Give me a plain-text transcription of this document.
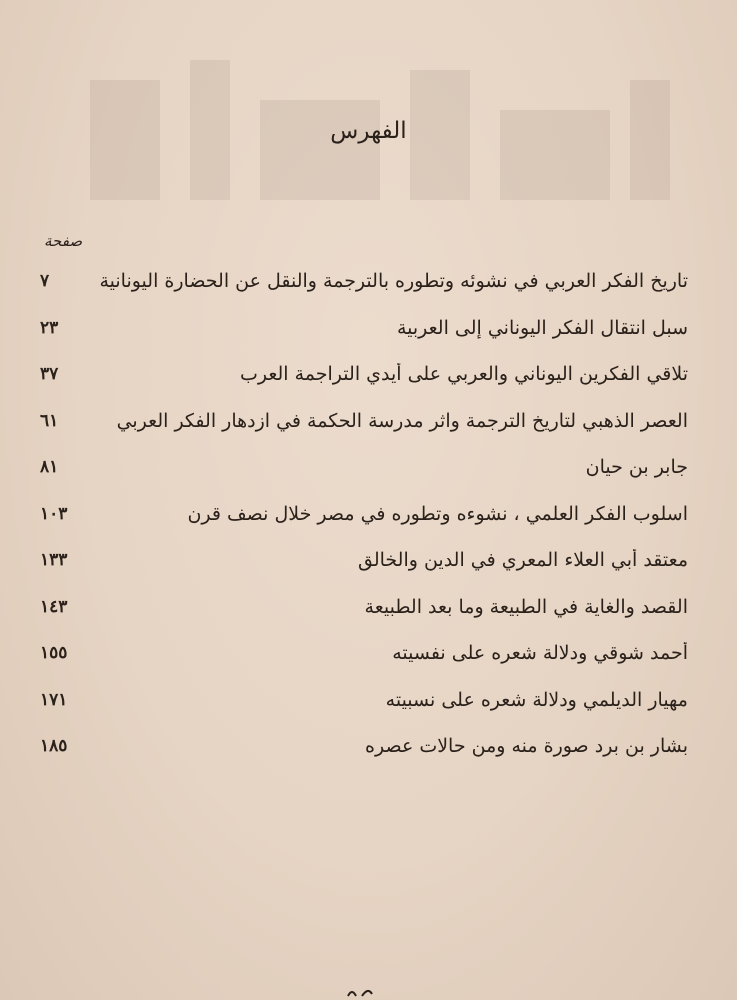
الفهرس
صفحة
تاريخ الفكر العربي في نشوئه وتطوره بالترجمة والنقل عن الحضارة اليونانية
٧
سبل انتقال الفكر اليوناني إلى العربية
٢٣
تلاقي الفكرين اليوناني والعربي على أيدي التراجمة العرب
٣٧
العصر الذهبي لتاريخ الترجمة واثر مدرسة الحكمة في ازدهار الفكر العربي
٦١
جابر بن حيان
٨١
اسلوب الفكر العلمي ، نشوءه وتطوره في مصر خلال نصف قرن
١٠٣
معتقد أبي العلاء المعري في الدين والخالق
١٣٣
القصد والغاية في الطبيعة وما بعد الطبيعة
١٤٣
أحمد شوقي ودلالة شعره على نفسيته
١٥٥
مهيار الديلمي ودلالة شعره على نسبيته
١٧١
بشار بن برد صورة منه ومن حالات عصره
١٨٥
